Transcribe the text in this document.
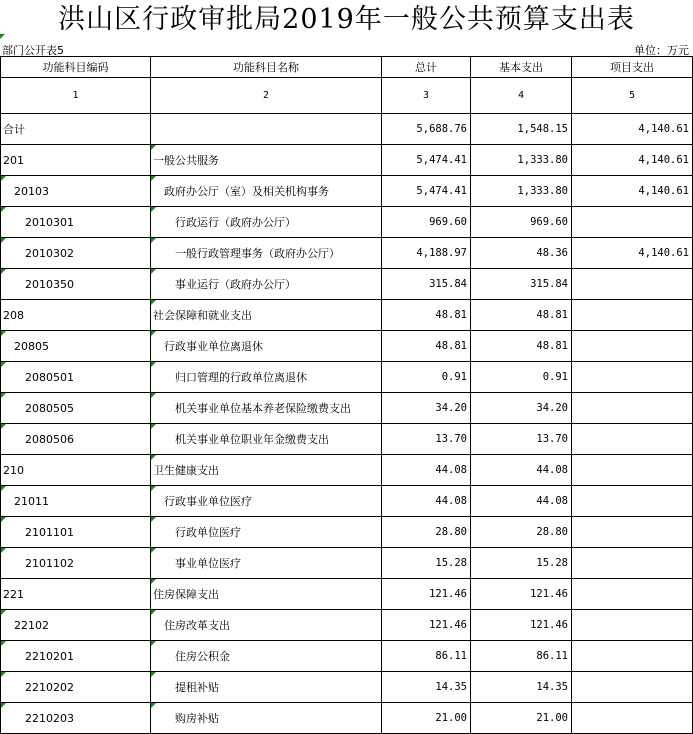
洪山区行政审批局2019年一般公共预算支出表
部门公开表5	单位：万元
功能科目编码	功能科目名称	总计	基本支出	项目支出
1	2	3	4	5
合计		5,688.76	1,548.15	4,140.61
201	一般公共服务	5,474.41	1,333.80	4,140.61

20103	政府办公厅（室）及相关机构事务	5,474.41	1,333.80	4,140.61

2010301	行政运行（政府办公厅）	969.60	969.60	

2010302	一般行政管理事务（政府办公厅）	4,188.97	48.36	4,140.61

2010350	事业运行（政府办公厅）	315.84	315.84	
208	社会保障和就业支出	48.81	48.81	

20805	行政事业单位离退休	48.81	48.81	

2080501	归口管理的行政单位离退休	0.91	0.91	

2080505	机关事业单位基本养老保险缴费支出	34.20	34.20	

2080506	机关事业单位职业年金缴费支出	13.70	13.70	
210	卫生健康支出	44.08	44.08	

21011	行政事业单位医疗	44.08	44.08	

2101101	行政单位医疗	28.80	28.80	

2101102	事业单位医疗	15.28	15.28	
221	住房保障支出	121.46	121.46	

22102	住房改革支出	121.46	121.46	

2210201	住房公积金	86.11	86.11	

2210202	提租补贴	14.35	14.35	

2210203	购房补贴	21.00	21.00	
